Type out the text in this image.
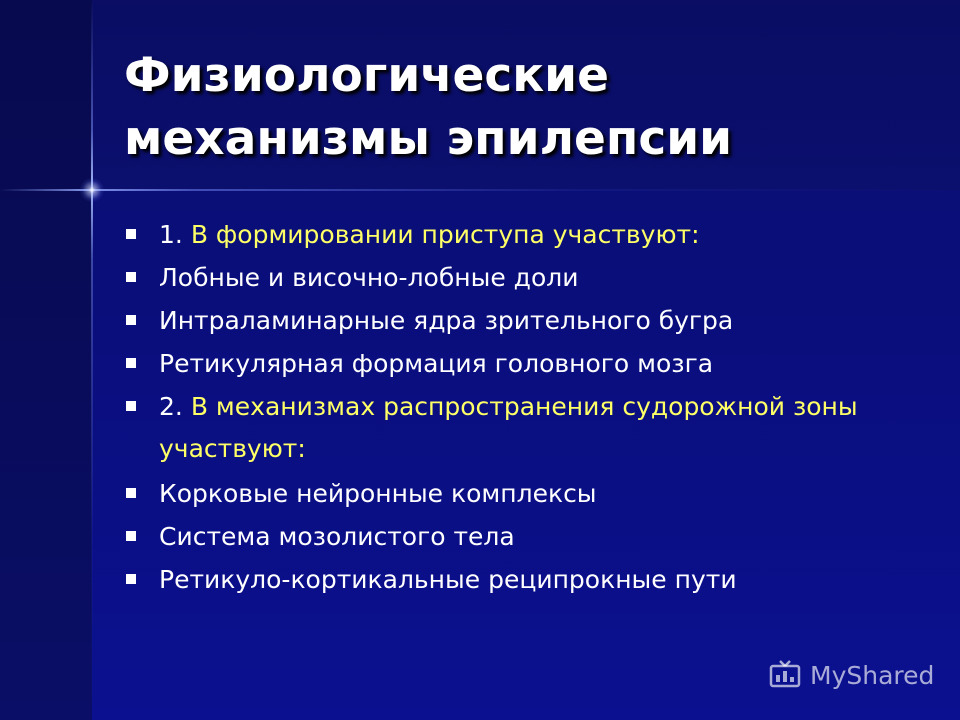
Физиологические
механизмы эпилепсии
1. В формировании приступа участвуют:
Лобные и височно-лобные доли
Интраламинарные ядра зрительного бугра
Ретикулярная формация головного мозга
2. В механизмах распространения судорожной зоны участвуют:
Корковые нейронные комплексы
Система мозолистого тела
Ретикуло-кортикальные реципрокные пути
MyShared
